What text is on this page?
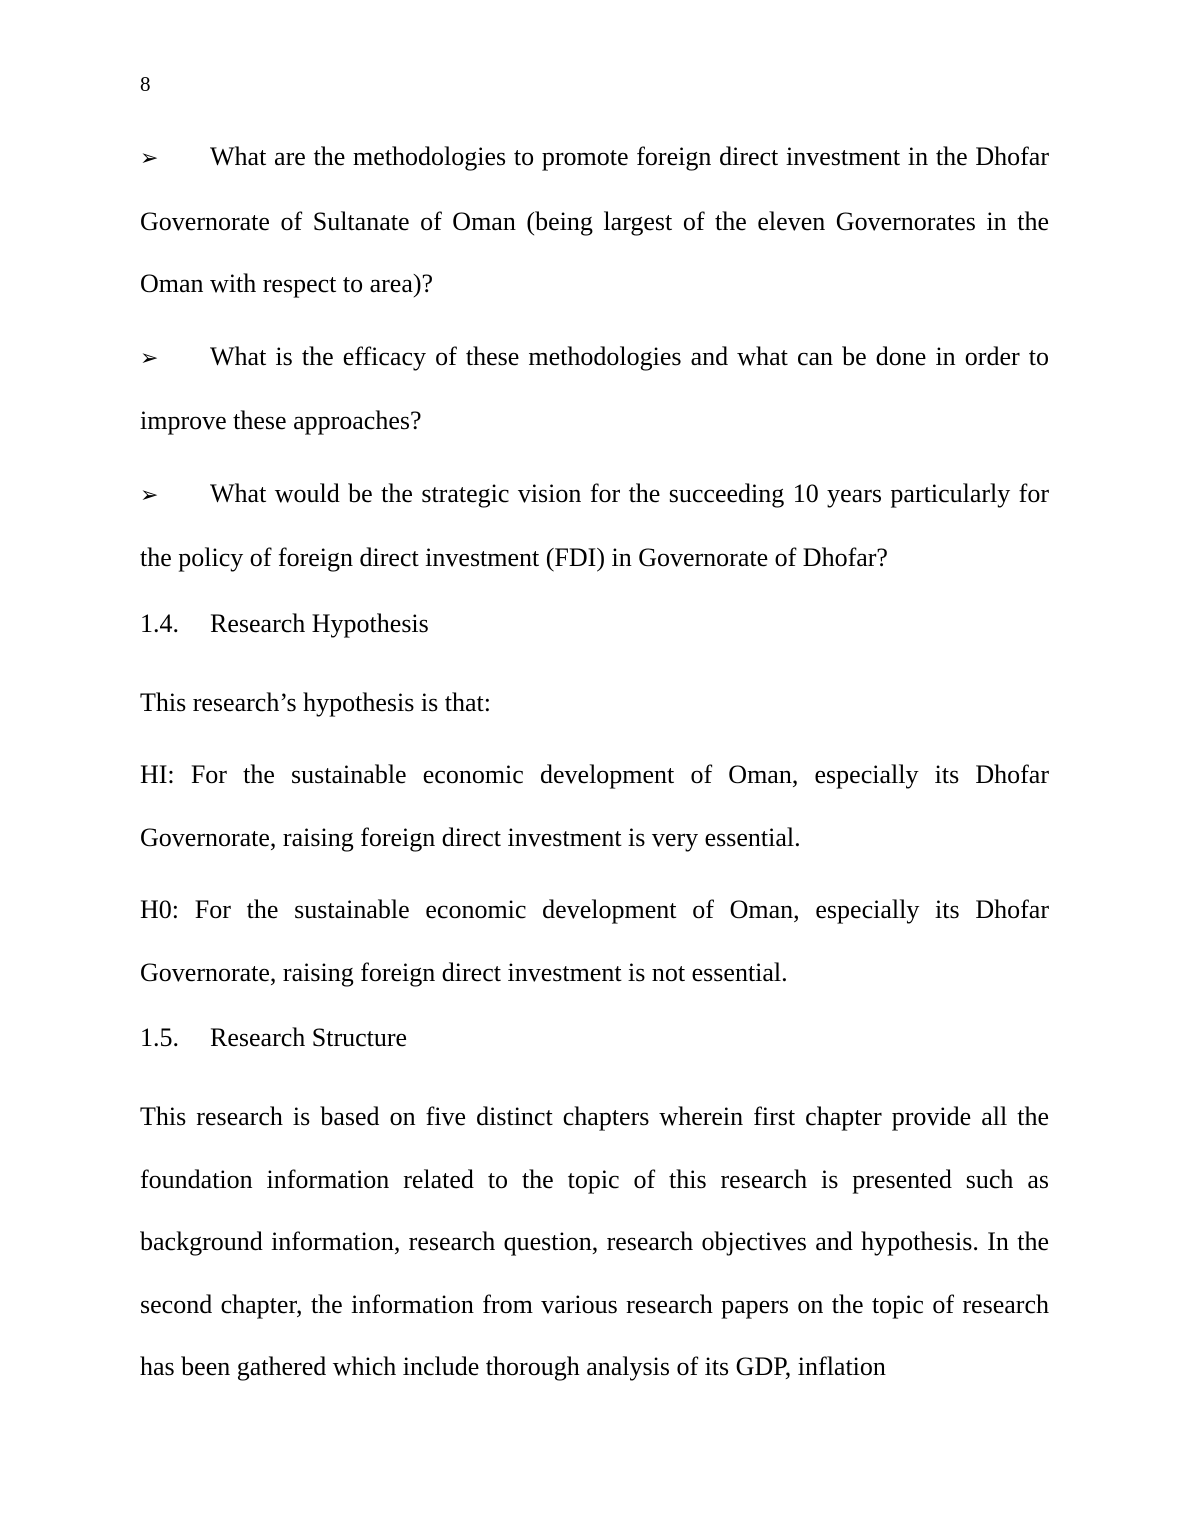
8

➢ What are the methodologies to promote foreign direct investment in the Dhofar Governorate of Sultanate of Oman (being largest of the eleven Governorates in the Oman with respect to area)?

➢ What is the efficacy of these methodologies and what can be done in order to improve these approaches?

➢ What would be the strategic vision for the succeeding 10 years particularly for the policy of foreign direct investment (FDI) in Governorate of Dhofar?

1.4.	Research Hypothesis

This research’s hypothesis is that:

HI: For the sustainable economic development of Oman, especially its Dhofar Governorate, raising foreign direct investment is very essential.

H0: For the sustainable economic development of Oman, especially its Dhofar Governorate, raising foreign direct investment is not essential.

1.5.	Research Structure

This research is based on five distinct chapters wherein first chapter provide all the foundation information related to the topic of this research is presented such as background information, research question, research objectives and hypothesis. In the second chapter, the information from various research papers on the topic of research has been gathered which include thorough analysis of its GDP, inflation
